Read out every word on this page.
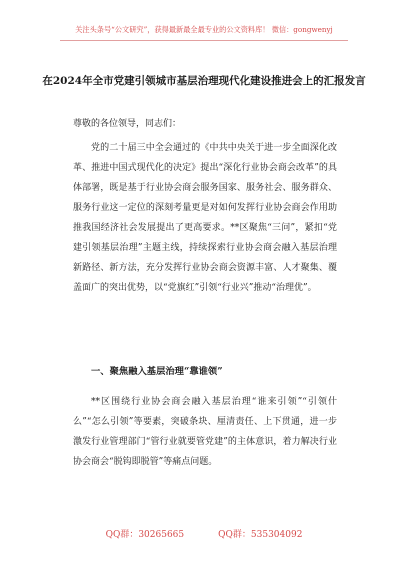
关注头条号“公文研究”，获得最新最全最专业的公文资料库！ 微信：gongwenyj
在2024年全市党建引领城市基层治理现代化建设推进会上的汇报发言
尊敬的各位领导，同志们：

党的二十届三中全会通过的《中共中央关于进一步全面深化改革、推进中国式现代化的决定》提出“深化行业协会商会改革”的具体部署，既是基于行业协会商会服务国家、服务社会、服务群众、服务行业这一定位的深刻考量更是对如何发挥行业协会商会作用助推我国经济社会发展提出了更高要求。**区聚焦“三问”，紧扣“党建引领基层治理”主题主线，持续探索行业协会商会融入基层治理新路径、新方法，充分发挥行业协会商会资源丰富、人才聚集、覆盖面广的突出优势，以“党旗红”引领“行业兴”推动“治理优”。

一、聚焦融入基层治理“靠谁领”

**区围绕行业协会商会融入基层治理“谁来引领”“引领什么”“怎么引领”等要素，突破条块、厘清责任、上下贯通，进一步激发行业管理部门“管行业就要管党建”的主体意识，着力解决行业协会商会“脱钩即脱管”等痛点问题。

QQ群：30265665	QQ群：535304092
